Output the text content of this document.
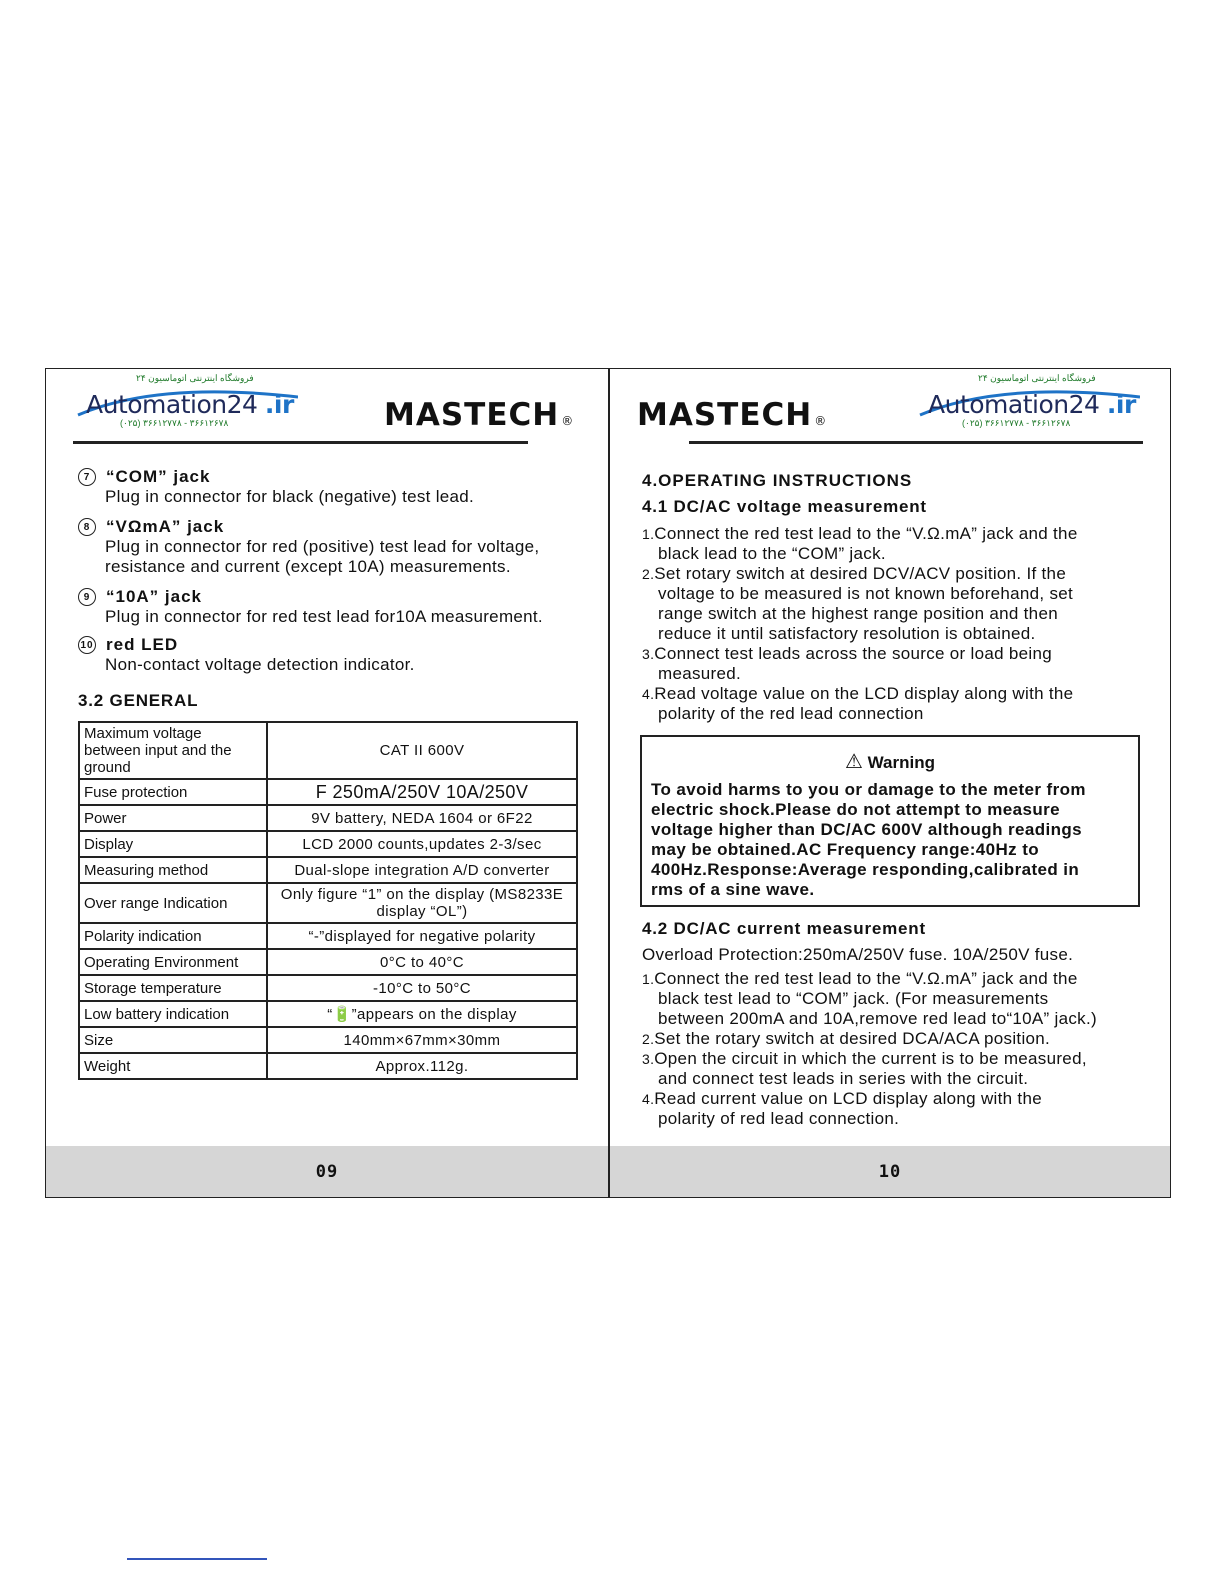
فروشگاه اینترنتی اتوماسیون ۲۴
Automation24 .ir
(۰۲۵) ۳۶۶۱۲۷۷۸ - ۳۶۶۱۲۶۷۸	MASTECH ®
7 “COM” jack
Plug in connector for black (negative) test lead.
8 “VΩmA” jack
Plug in connector for red (positive) test lead for voltage,
resistance and current (except 10A) measurements.
9 “10A” jack
Plug in connector for red test lead for10A measurement.
10 red LED
Non-contact voltage detection indicator.
3.2 GENERAL
Maximum voltage between input and the ground	CAT II 600V
Fuse protection	F 250mA/250V 10A/250V
Power	9V battery, NEDA 1604 or 6F22
Display	LCD 2000 counts,updates 2-3/sec
Measuring method	Dual-slope integration A/D converter
Over range Indication	Only figure “1” on the display (MS8233E display “OL”)
Polarity indication	“-”displayed for negative polarity
Operating Environment	0°C to 40°C
Storage temperature	-10°C to 50°C
Low battery indication	“🔋”appears on the display
Size	140mm×67mm×30mm
Weight	Approx.112g.
09
MASTECH ®
فروشگاه اینترنتی اتوماسیون ۲۴
Automation24 .ir
(۰۲۵) ۳۶۶۱۲۷۷۸ - ۳۶۶۱۲۶۷۸
4.OPERATING INSTRUCTIONS
4.1 DC/AC voltage measurement
1.Connect the red test lead to the “V.Ω.mA” jack and the
black lead to the “COM” jack.
2.Set rotary switch at desired DCV/ACV position. If the
voltage to be measured is not known beforehand, set
range switch at the highest range position and then
reduce it until satisfactory resolution is obtained.
3.Connect test leads across the source or load being
measured.
4.Read voltage value on the LCD display along with the
polarity of the red lead connection
⚠ Warning
To avoid harms to you or damage to the meter from
electric shock.Please do not attempt to measure
voltage higher than DC/AC 600V although readings
may be obtained.AC Frequency range:40Hz to
400Hz.Response:Average responding,calibrated in
rms of a sine wave.
4.2 DC/AC current measurement
Overload Protection:250mA/250V fuse. 10A/250V fuse.
1.Connect the red test lead to the “V.Ω.mA” jack and the
black test lead to “COM” jack. (For measurements
between 200mA and 10A,remove red lead to“10A” jack.)
2.Set the rotary switch at desired DCA/ACA position.
3.Open the circuit in which the current is to be measured,
and connect test leads in series with the circuit.
4.Read current value on LCD display along with the
polarity of red lead connection.
10
